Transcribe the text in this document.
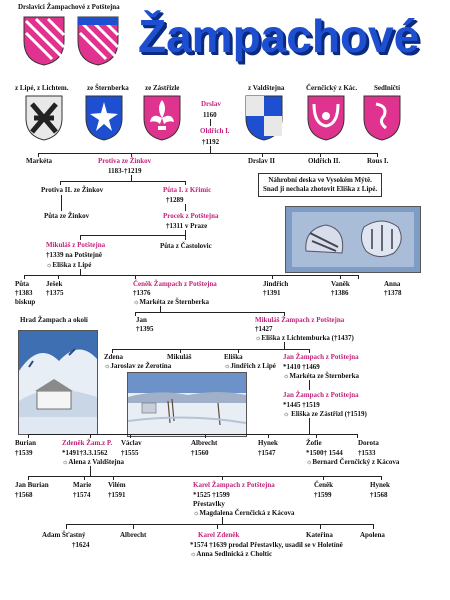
Drslavici Žampachové z Potštejna
Žampachové
z Lipé, z Lichtem.	ze Šternberka ze Zástřizle	z Valdštejna	Černčický z Kác. Sedlničtí
Drslav
1160
Oldřich I.
†1192
Markéta	Protiva ze Žinkov
1183-†1219
Drslav II	Oldřich II.	Rous I.
Náhrobní deska ve Vysokém Mýtě.
Snad ji nechala zhotovit Eliška z Lipé.
Protiva II. ze Žinkov	Půta I. z Křimic
†1289
Půta ze Žinkov	Procek z Potštejna
†1311 v Praze
Mikuláš z Potštejna
†1339 na Potštejně
☼Eliška z Lipé
Půta z Častolovic
Půta
†1383
biskup
Ješek
†1375
Čeněk Žampach z Potštejna
†1376
☼Markéta ze Šternberka
Jindřich
†1391
Vaněk
†1386
Anna
†1378
Hrad Žampach a okolí	Jan
†1395
Mikuláš Žampach z Potštejna
†1427
☼Eliška z Lichtemburka (†1437)
Zdena
☼Jaroslav ze Žerotína
Mikuláš	Eliška
☼Jindřich z Lipé
Jan Žampach z Potštejna
*1410 †1469
☼Markéta ze Šternberka
Jan Žampach z Potštejna
*1445 †1519
☼ Eliška ze Zástřizl (†1519)
Burian
†1539
Zdeněk Žam.z P.
*1491†3.3.1562
☼Alena z Valdštejna
Václav
†1555
Albrecht
†1560
Hynek
†1547
Žofie
*1500† 1544
☼Bernard Černčický z Kácova
Dorota
†1533
Jan Burian
†1568
Marie
†1574
Vilém
†1591
Karel Žampach z Potštejna
*1525 †1599
Přestavlky
☼Magdalena Černčická z Kácova
Čeněk
†1599
Hynek
†1568
Adam Šťastný
†1624
Albrecht	Karel Zdeněk
*1574 †1639 prodal Přestavlky, usadil se v Holetíně
☼Anna Sedlnická z Choltic
Kateřina	Apolena
